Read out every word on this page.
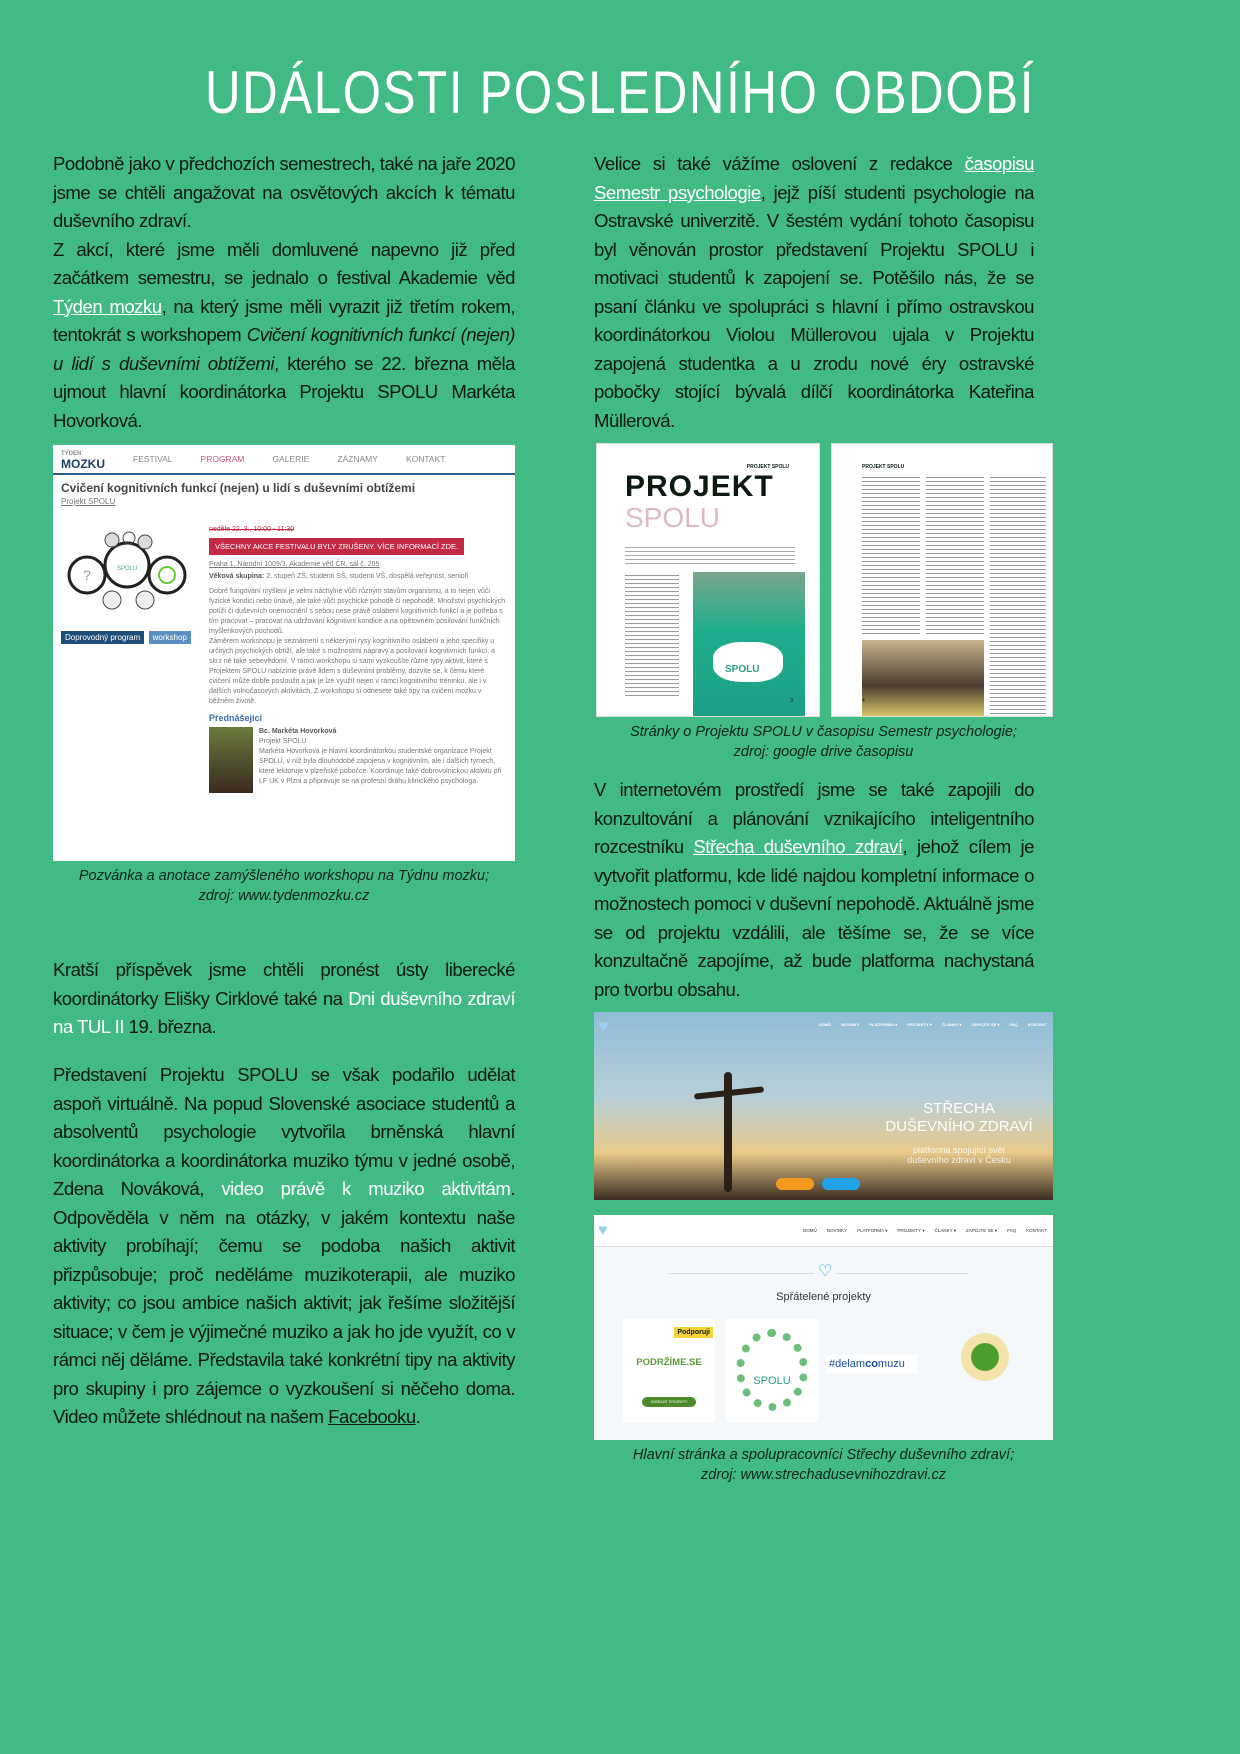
UDÁLOSTI POSLEDNÍHO OBDOBÍ
Podobně jako v předchozích semestrech, také na jaře 2020 jsme se chtěli angažovat na osvětových akcích k tématu duševního zdraví.
Z akcí, které jsme měli domluvené napevno již před začátkem semestru, se jednalo o festival Akademie věd Týden mozku, na který jsme měli vyrazit již třetím rokem, tentokrát s workshopem Cvičení kognitivních funkcí (nejen) u lidí s duševními obtížemi, kterého se 22. března měla ujmout hlavní koordinátorka Projektu SPOLU Markéta Hovorková.
TÝDEN
MOZKU	FESTIVAL	PROGRAM	GALERIE	ZÁZNAMY	KONTAKT
Cvičení kognitivních funkcí (nejen) u lidí s duševními obtížemi
Projekt SPOLU
?	SPOLU
Doprovodný program workshop
neděle 22. 3., 10:00 - 11:30
VŠECHNY AKCE FESTIVALU BYLY ZRUŠENY. VÍCE INFORMACÍ ZDE.
Praha 1, Národní 1009/3, Akademie věd ČR, sál č. 205
Věková skupina: 2. stupeň ZŠ, studenti SŠ, studenti VŠ, dospělá veřejnost, senioři
Dobré fungování myšlení je velmi náchylné vůči různým stavům organismu, a to nejen vůči fyzické kondici nebo únavě, ale také vůči psychické pohodě či nepohodě. Množství psychických potíží či duševních onemocnění s sebou nese právě oslabení kognitivních funkcí a je potřeba s tím pracovat – pracovat na udržování kognitivní kondice a na opětovném posilování funkčních myšlenkových pochodů.
Záměrem workshopu je seznámení s některými rysy kognitivního oslabení a jeho specifiky u určitých psychických obtíží, ale také s možnostmi nápravy a posilování kognitivních funkcí, a skrz ně také sebevědomí. V rámci workshopu si sami vyzkoušíte různé typy aktivit, které s Projektem SPOLU nabízíme právě lidem s duševními problémy, dozvíte se, k čemu které cvičení může dobře posloužit a jak je lze využít nejen v rámci kognitivního tréninku, ale i v dalších volnočasových aktivitách. Z workshopu si odnesete také tipy na cvičení mozku v běžném životě.
Přednášející
Bc. Markéta Hovorková
Projekt SPOLU
Markéta Hovorková je hlavní koordinátorkou studentské organizace Projekt SPOLU, v níž byla dlouhodobě zapojena v kognitivním, ale i dalších týmech, které lektoruje v plzeňské pobočce. Koordinuje také dobrovolnickou aktivitu při LF UK v Plzni a připravuje se na profesní dráhu klinického psychologa.
Pozvánka a anotace zamýšleného workshopu na Týdnu mozku;
zdroj: www.tydenmozku.cz
Kratší příspěvek jsme chtěli pronést ústy liberecké koordinátorky Elišky Cirklové také na Dni duševního zdraví na TUL II 19. března.
Představení Projektu SPOLU se však podařilo udělat aspoň virtuálně. Na popud Slovenské asociace studentů a absolventů psychologie vytvořila brněnská hlavní koordinátorka a koordinátorka muziko týmu v jedné osobě, Zdena Nováková, video právě k muziko aktivitám. Odpověděla v něm na otázky, v jakém kontextu naše aktivity probíhají; čemu se podoba našich aktivit přizpůsobuje; proč neděláme muzikoterapii, ale muziko aktivity; co jsou ambice našich aktivit; jak řešíme složitější situace; v čem je výjimečné muziko a jak ho jde využít, co v rámci něj děláme. Představila také konkrétní tipy na aktivity pro skupiny i pro zájemce o vyzkoušení si něčeho doma. Video můžete shlédnout na našem Facebooku.
Velice si také vážíme oslovení z redakce časopisu Semestr psychologie, jejž píší studenti psychologie na Ostravské univerzitě. V šestém vydání tohoto časopisu byl věnován prostor představení Projektu SPOLU i motivaci studentů k zapojení se. Potěšilo nás, že se psaní článku ve spolupráci s hlavní i přímo ostravskou koordinátorkou Violou Müllerovou ujala v Projektu zapojená studentka a u zrodu nové éry ostravské pobočky stojící bývalá dílčí koordinátorka Kateřina Müllerová.
PROJEKT SPOLU
PROJEKT
SPOLU
SPOLU
3
PROJEKT SPOLU
4
Stránky o Projektu SPOLU v časopisu Semestr psychologie;
zdroj: google drive časopisu
V internetovém prostředí jsme se také zapojili do konzultování a plánování vznikajícího inteligentního rozcestníku Střecha duševního zdraví, jehož cílem je vytvořit platformu, kde lidé najdou kompletní informace o možnostech pomoci v duševní nepohodě. Aktuálně jsme se od projektu vzdálili, ale těšíme se, že se více konzultačně zapojíme, až bude platforma nachystaná pro tvorbu obsahu.
♥	DOMŮ	NOVINKY	PLATFORMA ▾	PROJEKTY ▾	ČLÁNKY ▾	ZAPOJTE SE ▾	FAQ	KONTAKT
STŘECHA
DUŠEVNÍHO ZDRAVÍ
platforma spojující svět duševního zdraví v Česku
♥	DOMŮ NOVINKY PLATFORMA ▾ PROJEKTY ▾ ČLÁNKY ▾ ZAPOJTE SE ▾ FAQ KONTAKT
♡
Spřátelené projekty
Podporuji
PODRŽÍME.SE
ZOBRAZIT PROJEKTY
SPOLU
#delamcomuzu
Hlavní stránka a spolupracovníci Střechy duševního zdraví;
zdroj: www.strechadusevnihozdravi.cz
